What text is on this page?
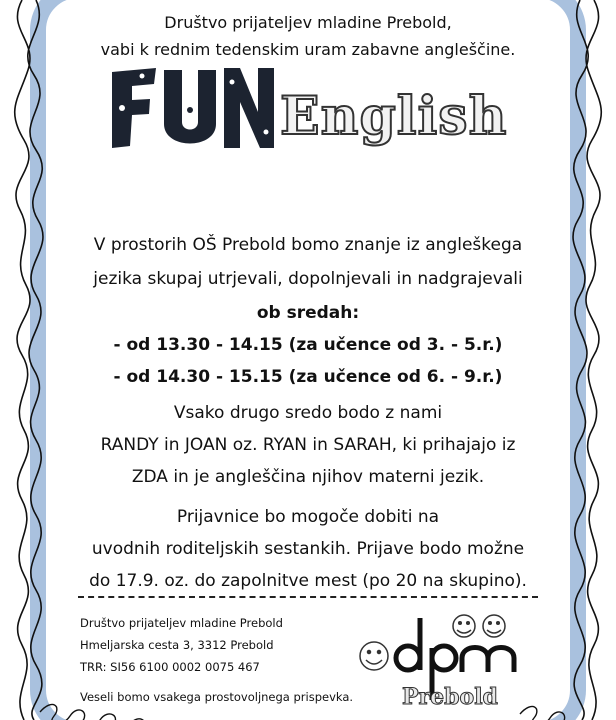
Društvo prijateljev mladine Prebold,
vabi k rednim tedenskim uram zabavne angleščine.
English
V prostorih OŠ Prebold bomo znanje iz angleškega
jezika skupaj utrjevali, dopolnjevali in nadgrajevali
ob sredah:
- od 13.30 - 14.15 (za učence od 3. - 5.r.)
- od 14.30 - 15.15 (za učence od 6. - 9.r.)
Vsako drugo sredo bodo z nami
RANDY in JOAN oz. RYAN in SARAH, ki prihajajo iz
ZDA in je angleščina njihov materni jezik.
Prijavnice bo mogoče dobiti na
uvodnih roditeljskih sestankih. Prijave bodo možne
do 17.9. oz. do zapolnitve mest (po 20 na skupino).
Društvo prijateljev mladine Prebold
Hmeljarska cesta 3, 3312 Prebold
TRR: SI56 6100 0002 0075 467
Veseli bomo vsakega prostovoljnega prispevka. Prebold
